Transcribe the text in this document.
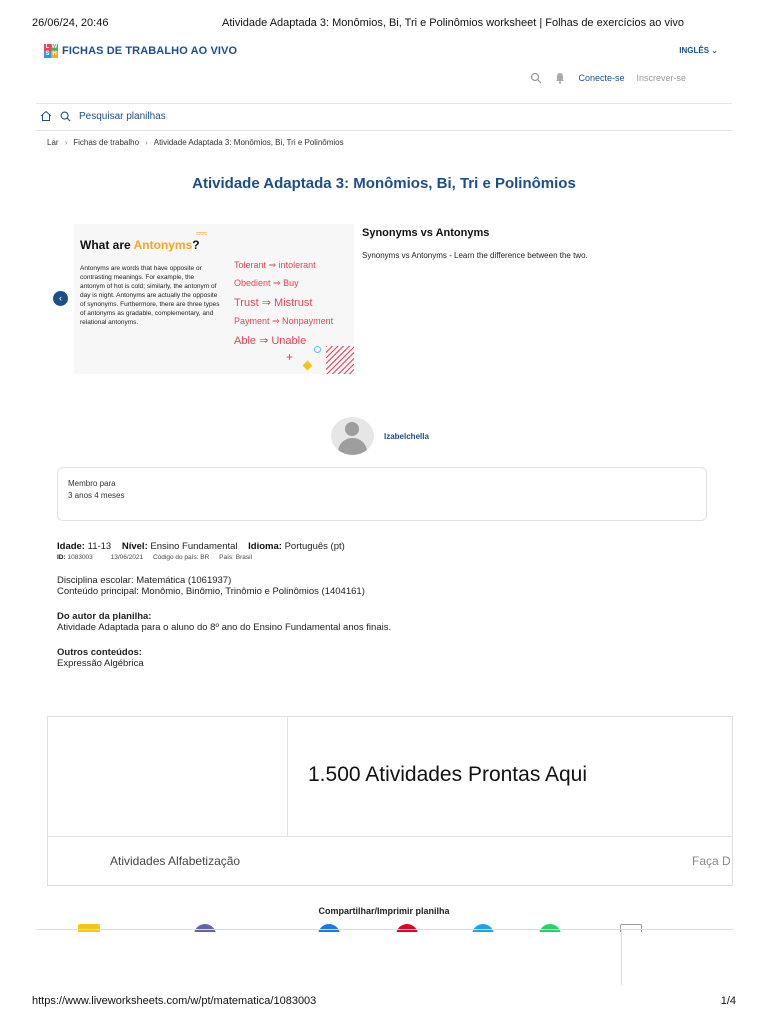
26/06/24, 20:46	Atividade Adaptada 3: Monômios, Bi, Tri e Polinômios worksheet | Folhas de exercícios ao vivo
L W
S H FICHAS DE TRABALHO AO VIVO	INGLÊS ⌄
Conecte-se Inscrever-se
Pesquisar planilhas
Lar › Fichas de trabalho › Atividade Adaptada 3: Monômios, Bi, Tri e Polinômios
Atividade Adaptada 3: Monômios, Bi, Tri e Polinômios
‹
≈≈≈
What are Antonyms?
Antonyms are words that have opposite or contrasting meanings. For example, the antonym of hot is cold; similarly, the antonym of day is night. Antonyms are actually the opposite of synonyms. Furthermore, there are three types of antonyms as gradable, complementary, and relational antonyms.
Tolerant ⇒ intolerant
Obedient ⇒ Buy
Trust ⇒ Mistrust
Payment ⇒ Nonpayment
Able ⇒ Unable
+
Synonyms vs Antonyms
Synonyms vs Antonyms - Learn the difference between the two.
Izabelchella
Membro para
3 anos 4 meses
Idade: 11-13 Nível: Ensino Fundamental Idioma: Português (pt)
ID: 1083003	13/06/2021 Código do país: BR País: Brasil

Disciplina escolar: Matemática (1061937)

Conteúdo principal: Monômio, Binômio, Trinômio e Polinômios (1404161)

Do autor da planilha:

Atividade Adaptada para o aluno do 8º ano do Ensino Fundamental anos finais.

Outros conteúdos:

Expressão Algébrica

1.500 Atividades Prontas Aqui
Atividades Alfabetização	Faça D
Compartilhar/Imprimir planilha
https://www.liveworksheets.com/w/pt/matematica/1083003	1/4
